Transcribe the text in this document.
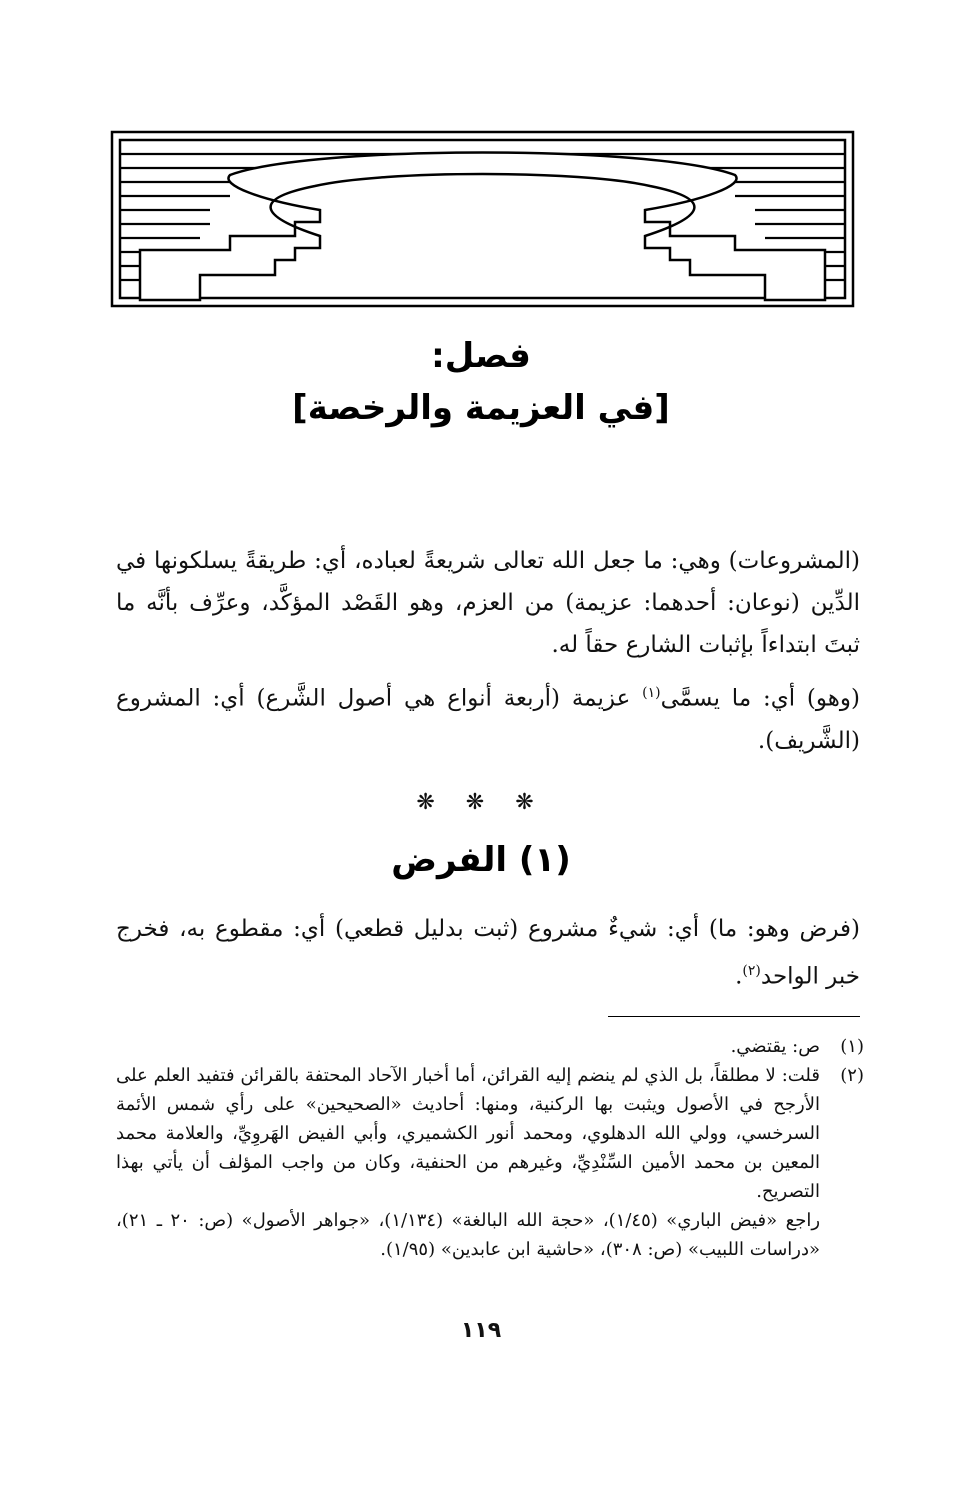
فصل:
[في العزيمة والرخصة]

(المشروعات) وهي: ما جعل الله تعالى شريعةً لعباده، أي: طريقةً يسلكونها في الدِّين (نوعان: أحدهما: عزيمة) من العزم، وهو القَصْد المؤكَّد، وعرِّف بأنَّه ما ثبتَ ابتداءاً بإثبات الشارع حقاً له.

(وهو) أي: ما يسمَّى$^{(١)}$ عزيمة (أربعة أنواع هي أصول الشَّرع) أي: المشروع (الشَّريف).

❋ ❋ ❋
(١) الفرض

(فرض وهو: ما) أي: شيءٌ مشروع (ثبت بدليل قطعي) أي: مقطوع به، فخرج خبر الواحد$^{(٢)}$.

(١)
ص: يقتضي.
(٢)
قلت: لا مطلقاً، بل الذي لم ينضم إليه القرائن، أما أخبار الآحاد المحتفة بالقرائن فتفيد العلم على الأرجح في الأصول ويثبت بها الركنية، ومنها: أحاديث «الصحيحين» على رأي شمس الأئمة السرخسي، وولي الله الدهلوي، ومحمد أنور الكشميري، وأبي الفيض الهَروِيِّ، والعلامة محمد المعين بن محمد الأمين السِّنْدِيِّ، وغيرهم من الحنفية، وكان من واجب المؤلف أن يأتي بهذا التصريح.
راجع «فيض الباري» (١/٤٥)، «حجة الله البالغة» (١/١٣٤)، «جواهر الأصول» (ص: ٢٠ ـ ٢١)، «دراسات اللبيب» (ص: ٣٠٨)، «حاشية ابن عابدين» (١/٩٥).
١١٩
